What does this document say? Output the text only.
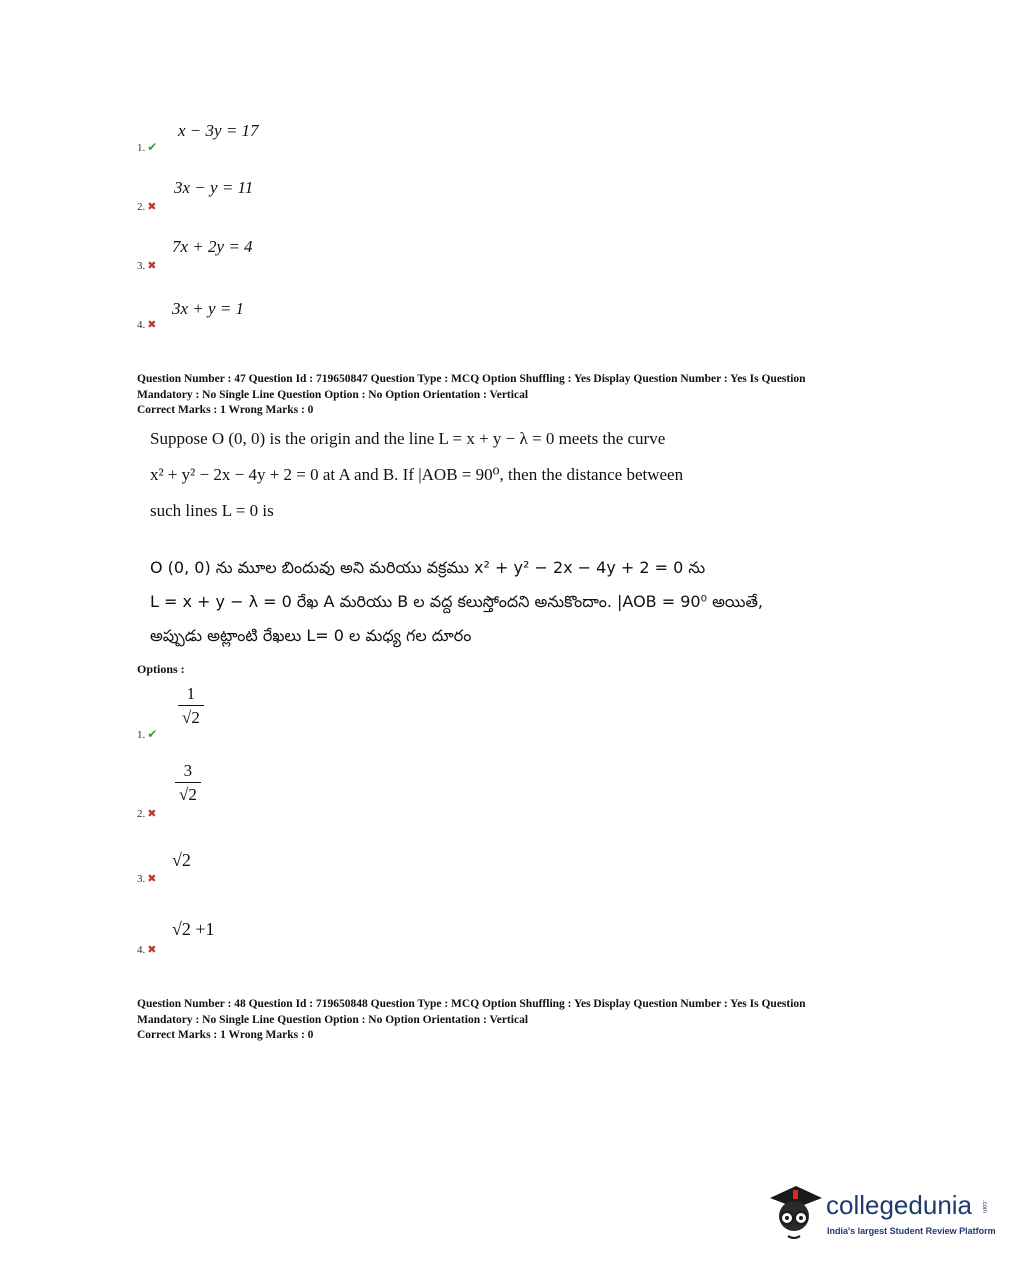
x − 3y = 17
1. ✔
3x − y = 11
2. ✖
7x + 2y = 4
3. ✖
3x + y = 1
4. ✖
Question Number : 47 Question Id : 719650847 Question Type : MCQ Option Shuffling : Yes Display Question Number : Yes Is Question
Mandatory : No Single Line Question Option : No Option Orientation : Vertical
Correct Marks : 1 Wrong Marks : 0
Suppose O (0, 0) is the origin and the line L = x + y − λ = 0 meets the curve
x² + y² − 2x − 4y + 2 = 0 at A and B. If |AOB = 90⁰, then the distance between
such lines L = 0 is
O (0, 0) ను మూల బిందువు అని మరియు వక్రము x² + y² − 2x − 4y + 2 = 0 ను
L = x + y − λ = 0 రేఖ A మరియు B ల వద్ద కలుస్తోందని అనుకొందాం. |AOB = 90⁰ అయితే,
అప్పుడు అట్లాంటి రేఖలు L= 0 ల మధ్య గల దూరం
Options :
$\frac{1}{√2}$
1. ✔
$\frac{3}{√2}$
2. ✖
√2
3. ✖
√2 +1
4. ✖
Question Number : 48 Question Id : 719650848 Question Type : MCQ Option Shuffling : Yes Display Question Number : Yes Is Question
Mandatory : No Single Line Question Option : No Option Orientation : Vertical
Correct Marks : 1 Wrong Marks : 0
collegedunia .com
India's largest Student Review Platform
